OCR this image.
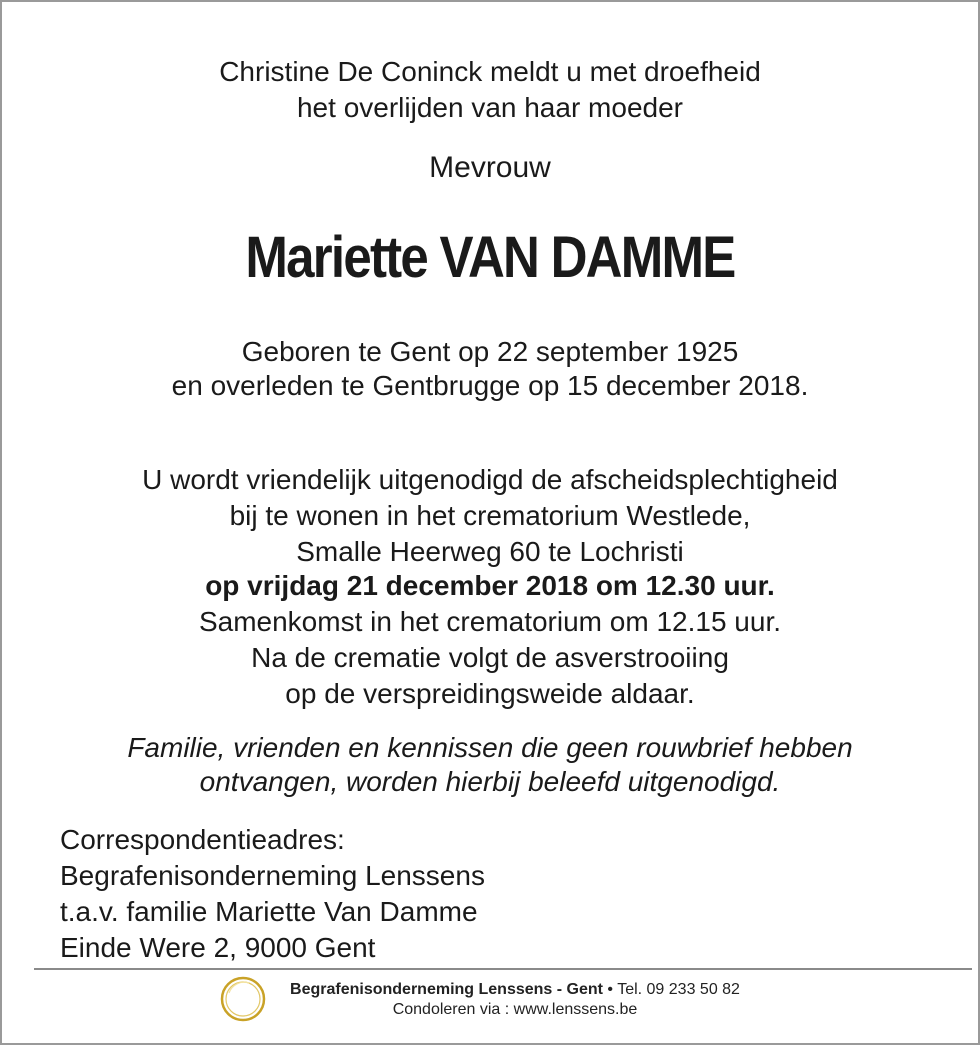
Christine De Coninck meldt u met droefheid
het overlijden van haar moeder
Mevrouw
Mariette VAN DAMME
Geboren te Gent op 22 september 1925
en overleden te Gentbrugge op 15 december 2018.
U wordt vriendelijk uitgenodigd de afscheidsplechtigheid
bij te wonen in het crematorium Westlede,
Smalle Heerweg 60 te Lochristi
op vrijdag 21 december 2018 om 12.30 uur.
Samenkomst in het crematorium om 12.15 uur.
Na de crematie volgt de asverstrooiing
op de verspreidingsweide aldaar.
Familie, vrienden en kennissen die geen rouwbrief hebben
ontvangen, worden hierbij beleefd uitgenodigd.
Correspondentieadres:
Begrafenisonderneming Lenssens
t.a.v. familie Mariette Van Damme
Einde Were 2, 9000 Gent
Begrafenisonderneming Lenssens - Gent • Tel. 09 233 50 82
Condoleren via : www.lenssens.be
